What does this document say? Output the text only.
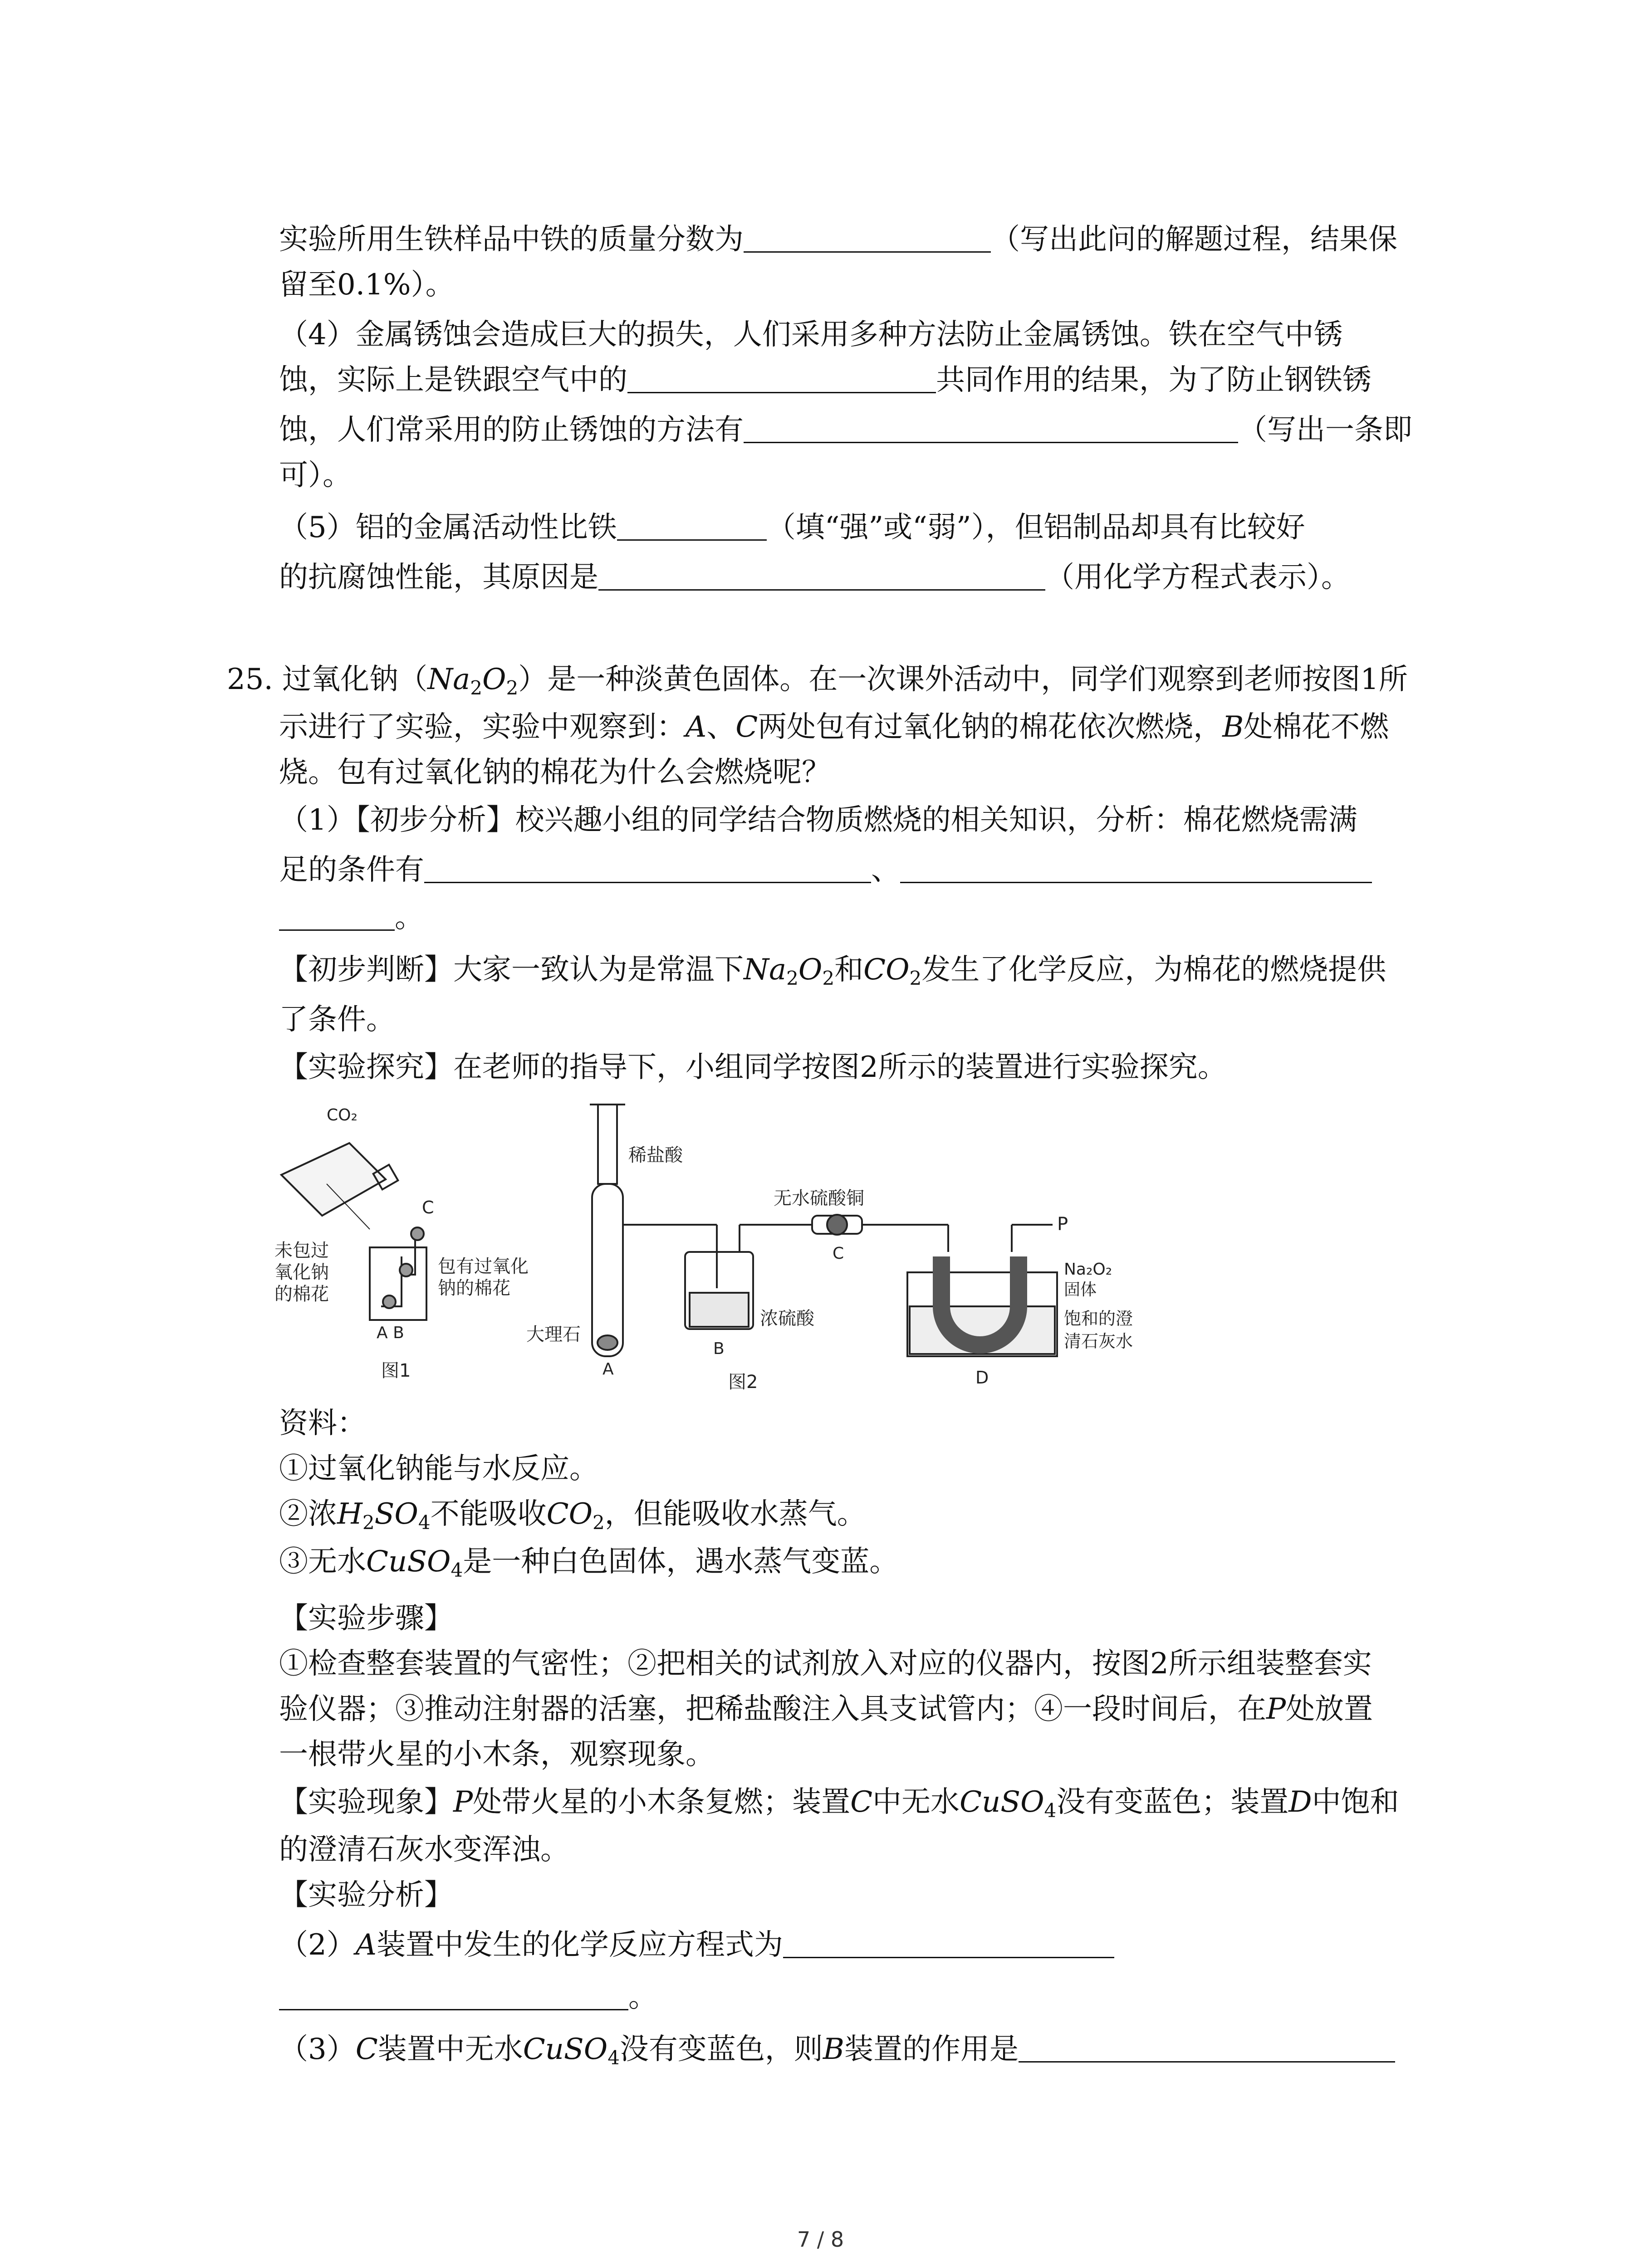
实验所用生铁样品中铁的质量分数为	（写出此问的解题过程，结果保
留至0.1%）。
（4）金属锈蚀会造成巨大的损失，人们采用多种方法防止金属锈蚀。铁在空气中锈
蚀，实际上是铁跟空气中的	共同作用的结果，为了防止钢铁锈
蚀，人们常采用的防止锈蚀的方法有	（写出一条即
可）。
（5）铝的金属活动性比铁	（填“强”或“弱”），但铝制品却具有比较好
的抗腐蚀性能，其原因是	（用化学方程式表示）。
25. 过氧化钠$(Na_2O_2)$是一种淡黄色固体。在一次课外活动中，同学们观察到老师按图1所
示进行了实验，实验中观察到：A、C两处包有过氧化钠的棉花依次燃烧，B处棉花不燃
烧。包有过氧化钠的棉花为什么会燃烧呢？
（1）【初步分析】校兴趣小组的同学结合物质燃烧的相关知识，分析：棉花燃烧需满
足的条件有	、
。
【初步判断】大家一致认为是常温下$Na_2O_2$和$CO_2$发生了化学反应，为棉花的燃烧提供
了条件。
【实验探究】在老师的指导下，小组同学按图2所示的装置进行实验探究。
CO₂
C
未包过
氧化钠
的棉花
包有过氧化
钠的棉花
A B
图1
稀盐酸
无水硫酸铜
P
Na₂O₂
固体
饱和的澄
清石灰水
大理石
浓硫酸
A
B
C
D
图2
资料：
①过氧化钠能与水反应。
②浓$H_2SO_4$不能吸收$CO_2$，但能吸收水蒸气。
③无水CuSO$_4$是一种白色固体，遇水蒸气变蓝。
【实验步骤】
①检查整套装置的气密性；②把相关的试剂放入对应的仪器内，按图2所示组装整套实
验仪器；③推动注射器的活塞，把稀盐酸注入具支试管内；④一段时间后，在P处放置
一根带火星的小木条，观察现象。
【实验现象】P处带火星的小木条复燃；装置C中无水CuSO$_4$没有变蓝色；装置D中饱和
的澄清石灰水变浑浊。
【实验分析】
（2）A装置中发生的化学反应方程式为
。
（3）C装置中无水CuSO$_4$没有变蓝色，则B装置的作用是
7 / 8
